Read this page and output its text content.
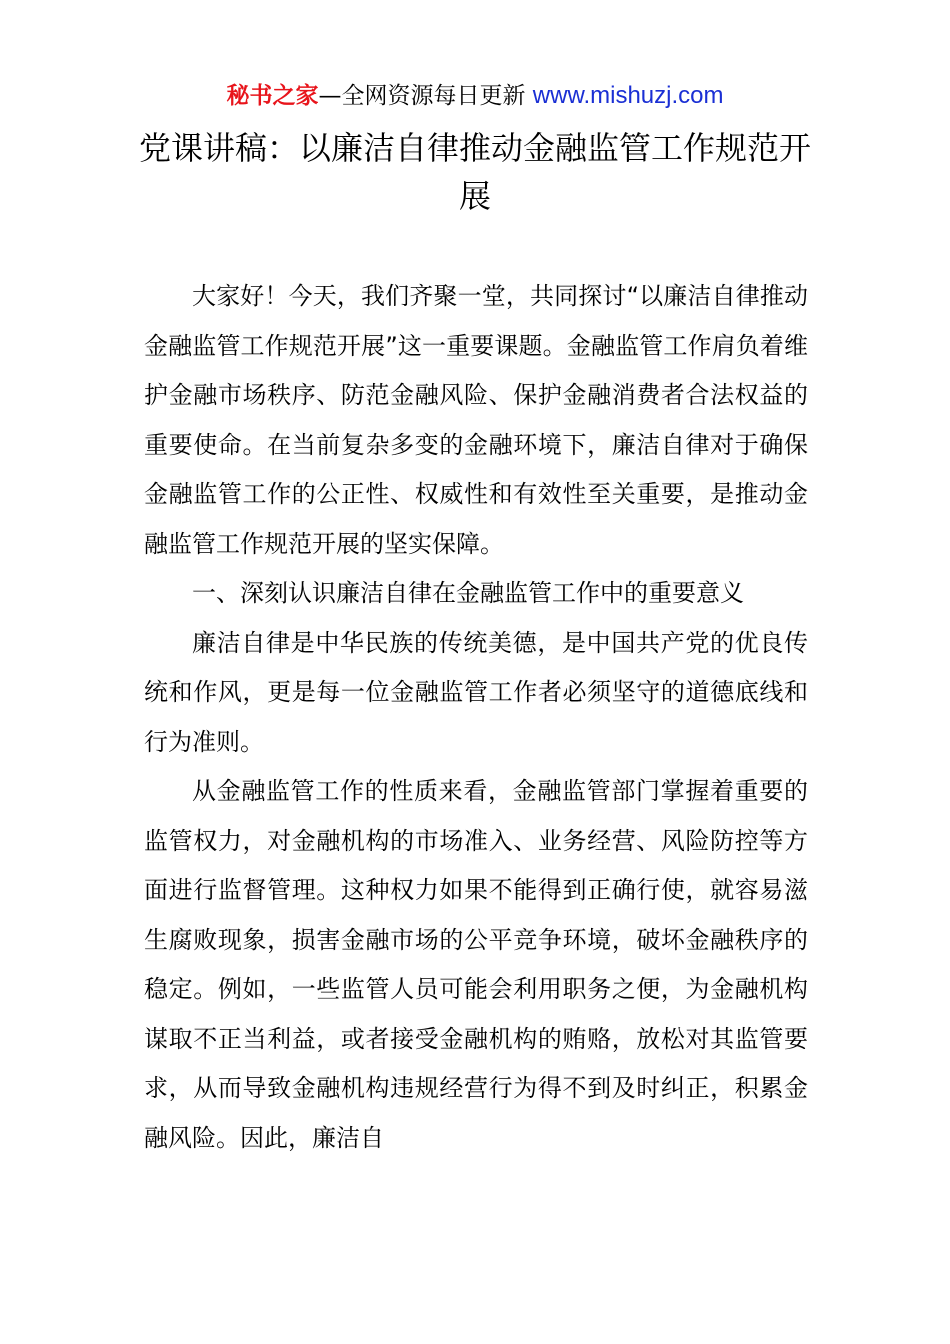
秘书之家—全网资源每日更新 www.mishuzj.com
党课讲稿：以廉洁自律推动金融监管工作规范开展

大家好！今天，我们齐聚一堂，共同探讨“以廉洁自律推动金融监管工作规范开展”这一重要课题。金融监管工作肩负着维护金融市场秩序、防范金融风险、保护金融消费者合法权益的重要使命。在当前复杂多变的金融环境下，廉洁自律对于确保金融监管工作的公正性、权威性和有效性至关重要，是推动金融监管工作规范开展的坚实保障。

一、深刻认识廉洁自律在金融监管工作中的重要意义

廉洁自律是中华民族的传统美德，是中国共产党的优良传统和作风，更是每一位金融监管工作者必须坚守的道德底线和行为准则。

从金融监管工作的性质来看，金融监管部门掌握着重要的监管权力，对金融机构的市场准入、业务经营、风险防控等方面进行监督管理。这种权力如果不能得到正确行使，就容易滋生腐败现象，损害金融市场的公平竞争环境，破坏金融秩序的稳定。例如，一些监管人员可能会利用职务之便，为金融机构谋取不正当利益，或者接受金融机构的贿赂，放松对其监管要求，从而导致金融机构违规经营行为得不到及时纠正，积累金融风险。因此，廉洁自
